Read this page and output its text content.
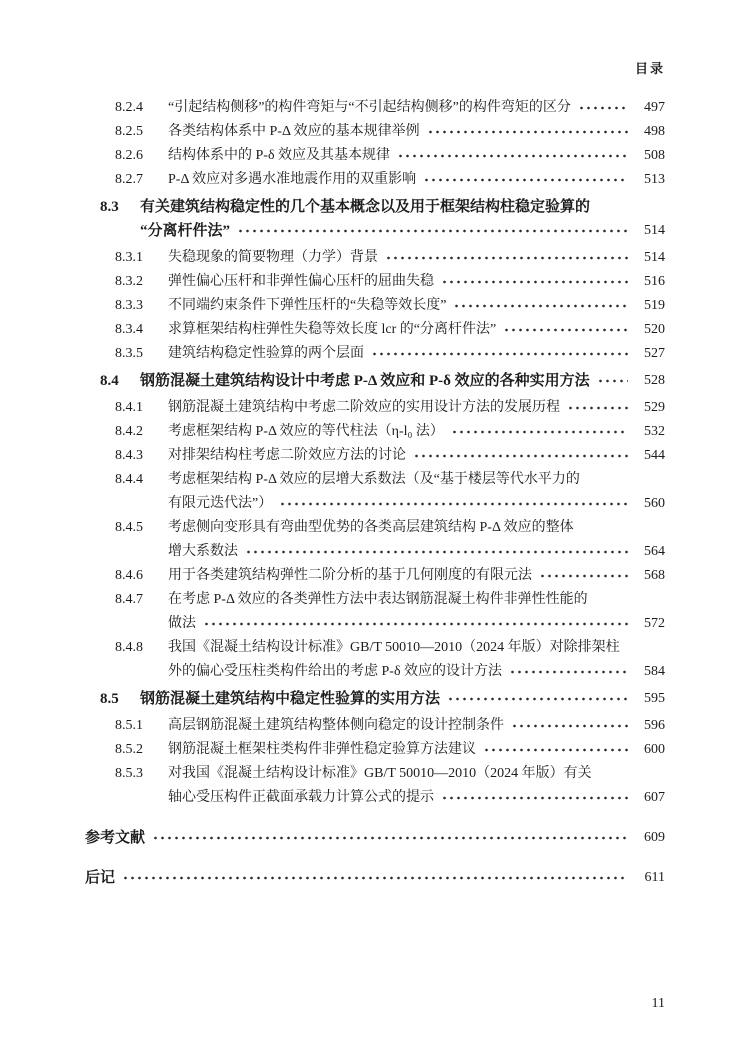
目录
8.2.4	“引起结构侧移”的构件弯矩与“不引起结构侧移”的构件弯矩的区分	497
8.2.5	各类结构体系中 P-Δ 效应的基本规律举例	498
8.2.6	结构体系中的 P-δ 效应及其基本规律	508
8.2.7	P-Δ 效应对多遇水准地震作用的双重影响	513
8.3	有关建筑结构稳定性的几个基本概念以及用于框架结构柱稳定验算的
“分离杆件法”	514
8.3.1	失稳现象的简要物理（力学）背景	514
8.3.2	弹性偏心压杆和非弹性偏心压杆的屈曲失稳	516
8.3.3	不同端约束条件下弹性压杆的“失稳等效长度”	519
8.3.4	求算框架结构柱弹性失稳等效长度 lcr 的“分离杆件法”	520
8.3.5	建筑结构稳定性验算的两个层面	527
8.4	钢筋混凝土建筑结构设计中考虑 P-Δ 效应和 P-δ 效应的各种实用方法	528
8.4.1	钢筋混凝土建筑结构中考虑二阶效应的实用设计方法的发展历程	529
8.4.2	考虑框架结构 P-Δ 效应的等代柱法（η-l₀ 法）	532
8.4.3	对排架结构柱考虑二阶效应方法的讨论	544
8.4.4	考虑框架结构 P-Δ 效应的层增大系数法（及“基于楼层等代水平力的
有限元迭代法”）	560
8.4.5	考虑侧向变形具有弯曲型优势的各类高层建筑结构 P-Δ 效应的整体
增大系数法	564
8.4.6	用于各类建筑结构弹性二阶分析的基于几何刚度的有限元法	568
8.4.7	在考虑 P-Δ 效应的各类弹性方法中表达钢筋混凝土构件非弹性性能的
做法	572
8.4.8	我国《混凝土结构设计标准》GB/T 50010—2010（2024 年版）对除排架柱
外的偏心受压柱类构件给出的考虑 P-δ 效应的设计方法	584
8.5	钢筋混凝土建筑结构中稳定性验算的实用方法	595
8.5.1	高层钢筋混凝土建筑结构整体侧向稳定的设计控制条件	596
8.5.2	钢筋混凝土框架柱类构件非弹性稳定验算方法建议	600
8.5.3	对我国《混凝土结构设计标准》GB/T 50010—2010（2024 年版）有关
轴心受压构件正截面承载力计算公式的提示	607
参考文献	609
后记	611
11
